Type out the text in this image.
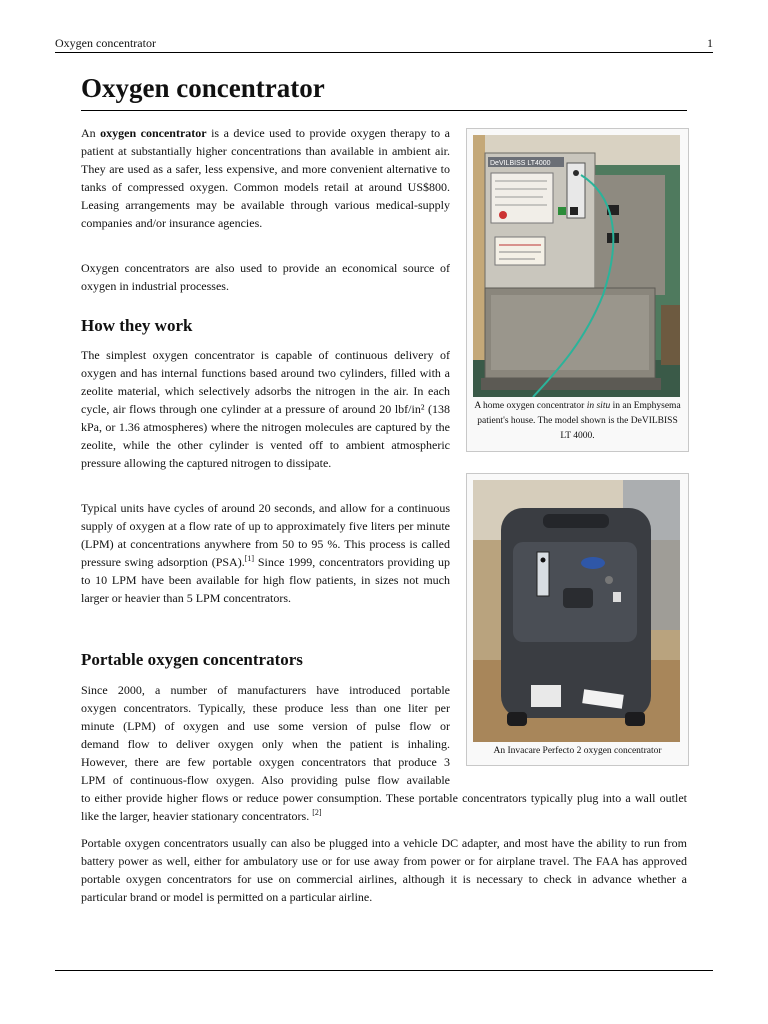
Oxygen concentrator	1
Oxygen concentrator

An oxygen concentrator is a device used to provide oxygen therapy to a patient at substantially higher concentrations than available in ambient air. They are used as a safer, less expensive, and more convenient alternative to tanks of compressed oxygen. Common models retail at around US$800. Leasing arrangements may be available through various medical-supply companies and/or insurance agencies.

Oxygen concentrators are also used to provide an economical source of oxygen in industrial processes.

How they work

The simplest oxygen concentrator is capable of continuous delivery of oxygen and has internal functions based around two cylinders, filled with a zeolite material, which selectively adsorbs the nitrogen in the air. In each cycle, air flows through one cylinder at a pressure of around 20 lbf/in² (138 kPa, or 1.36 atmospheres) where the nitrogen molecules are captured by the zeolite, while the other cylinder is vented off to ambient atmospheric pressure allowing the captured nitrogen to dissipate.

Typical units have cycles of around 20 seconds, and allow for a continuous supply of oxygen at a flow rate of up to approximately five liters per minute (LPM) at concentrations anywhere from 50 to 95 %. This process is called pressure swing adsorption (PSA).[1] Since 1999, concentrators providing up to 10 LPM have been available for high flow patients, in sizes not much larger or heavier than 5 LPM concentrators.

Portable oxygen concentrators
Since 2000, a number of manufacturers have introduced portable
oxygen concentrators. Typically, these produce less than one liter per
minute (LPM) of oxygen and use some version of pulse flow or
demand flow to deliver oxygen only when the patient is inhaling.
However, there are few portable oxygen concentrators that produce 3
LPM of continuous-flow oxygen. Also providing pulse flow available

to either provide higher flows or reduce power consumption. These portable concentrators typically plug into a wall outlet like the larger, heavier stationary concentrators. [2]

Portable oxygen concentrators usually can also be plugged into a vehicle DC adapter, and most have the ability to run from battery power as well, either for ambulatory use or for use away from power or for airplane travel. The FAA has approved portable oxygen concentrators for use on commercial airlines, although it is necessary to check in advance whether a particular brand or model is permitted on a particular airline.

DeVILBISS LT4000
A home oxygen concentrator in situ in an Emphysema patient's house. The model shown is the DeVILBISS LT 4000.
An Invacare Perfecto 2 oxygen concentrator
